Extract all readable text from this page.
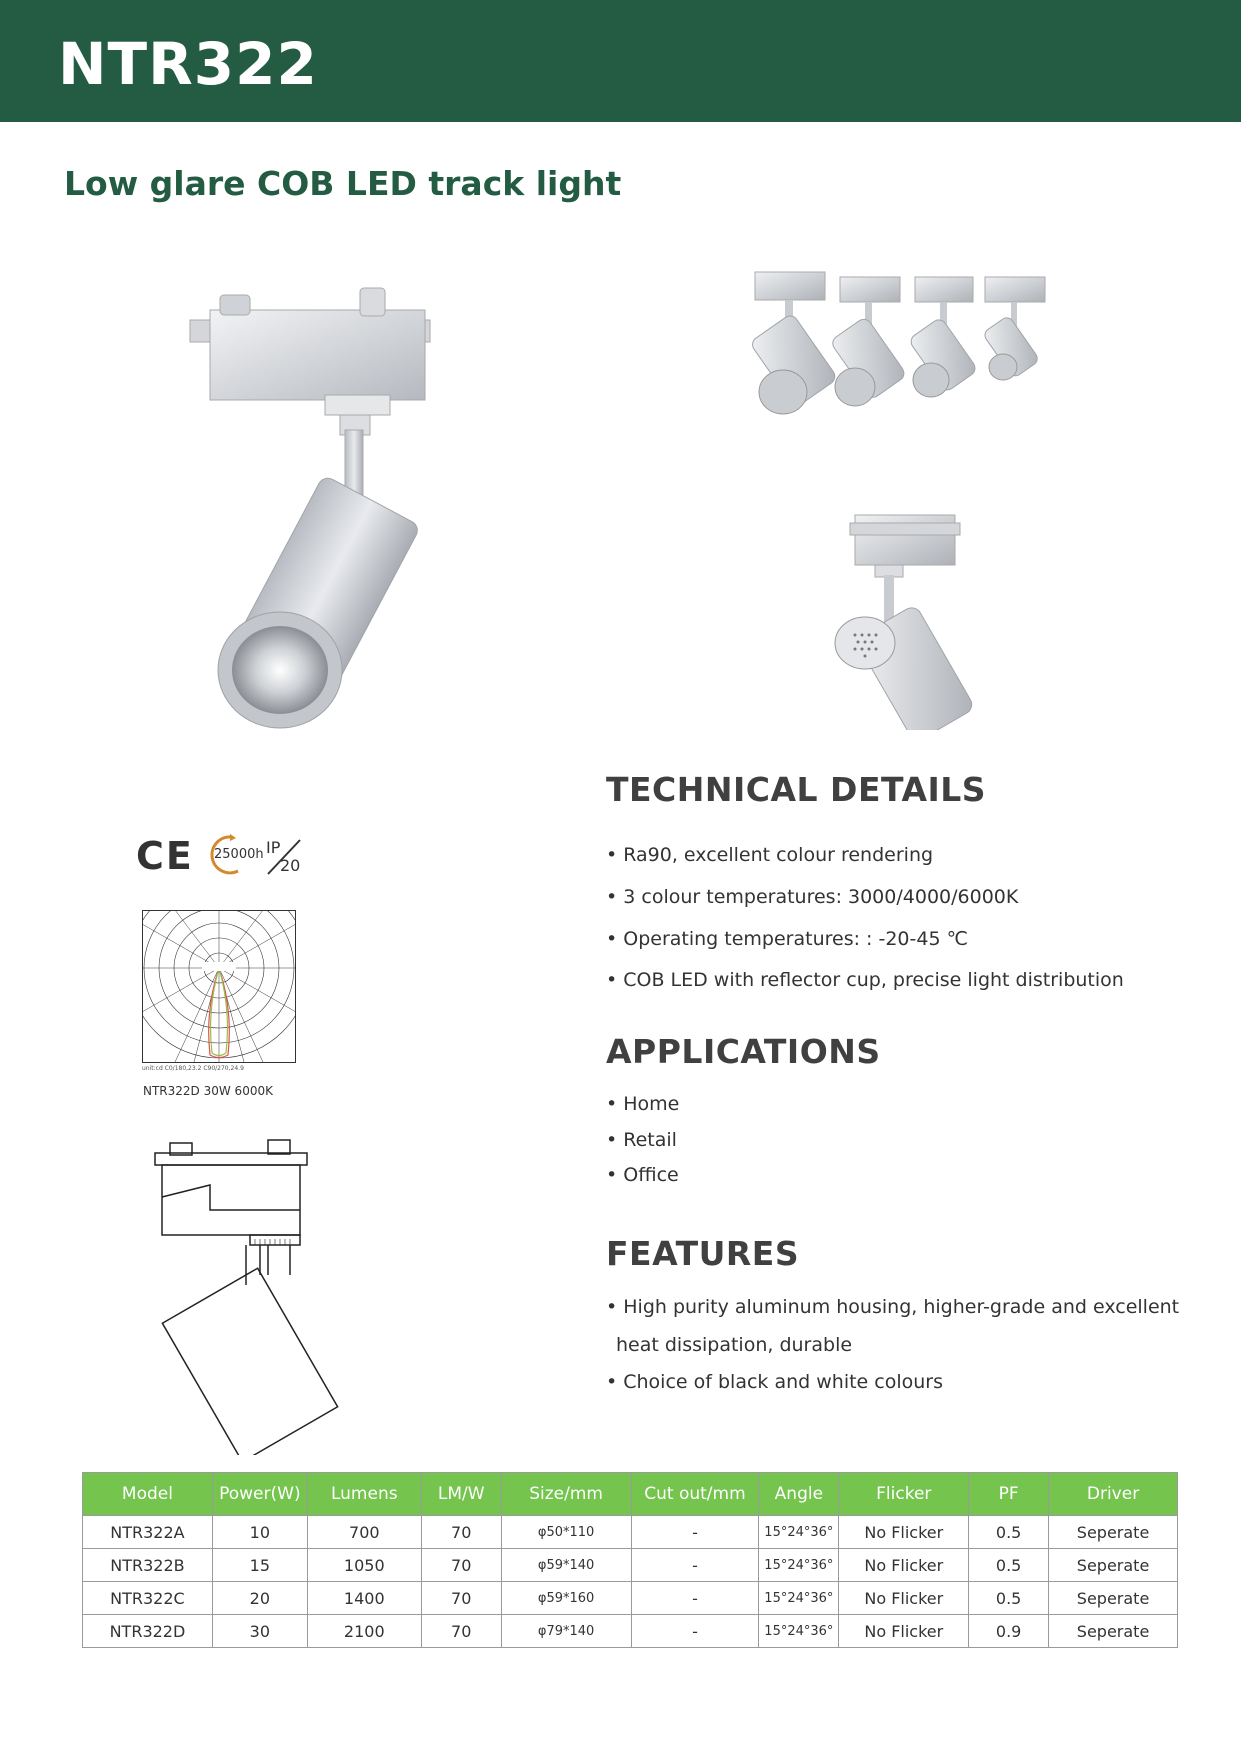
NTR322
Low glare COB LED track light
CE 25000h IP
20
unit:cd C0/180,23.2 C90/270,24.9
NTR322D 30W 6000K
TECHNICAL DETAILS
• Ra90, excellent colour rendering
• 3 colour temperatures: 3000/4000/6000K
• Operating temperatures: : -20-45 ℃
• COB LED with reflector cup, precise light distribution
APPLICATIONS
• Home
• Retail
• Office
FEATURES
• High purity aluminum housing, higher-grade and excellent
heat dissipation, durable
• Choice of black and white colours
Model	Power(W)	Lumens	LM/W	Size/mm	Cut out/mm	Angle	Flicker	PF	Driver
NTR322A	10	700	70	φ50*110	-	15°24°36°	No Flicker	0.5	Seperate
NTR322B	15	1050	70	φ59*140	-	15°24°36°	No Flicker	0.5	Seperate
NTR322C	20	1400	70	φ59*160	-	15°24°36°	No Flicker	0.5	Seperate
NTR322D	30	2100	70	φ79*140	-	15°24°36°	No Flicker	0.9	Seperate
